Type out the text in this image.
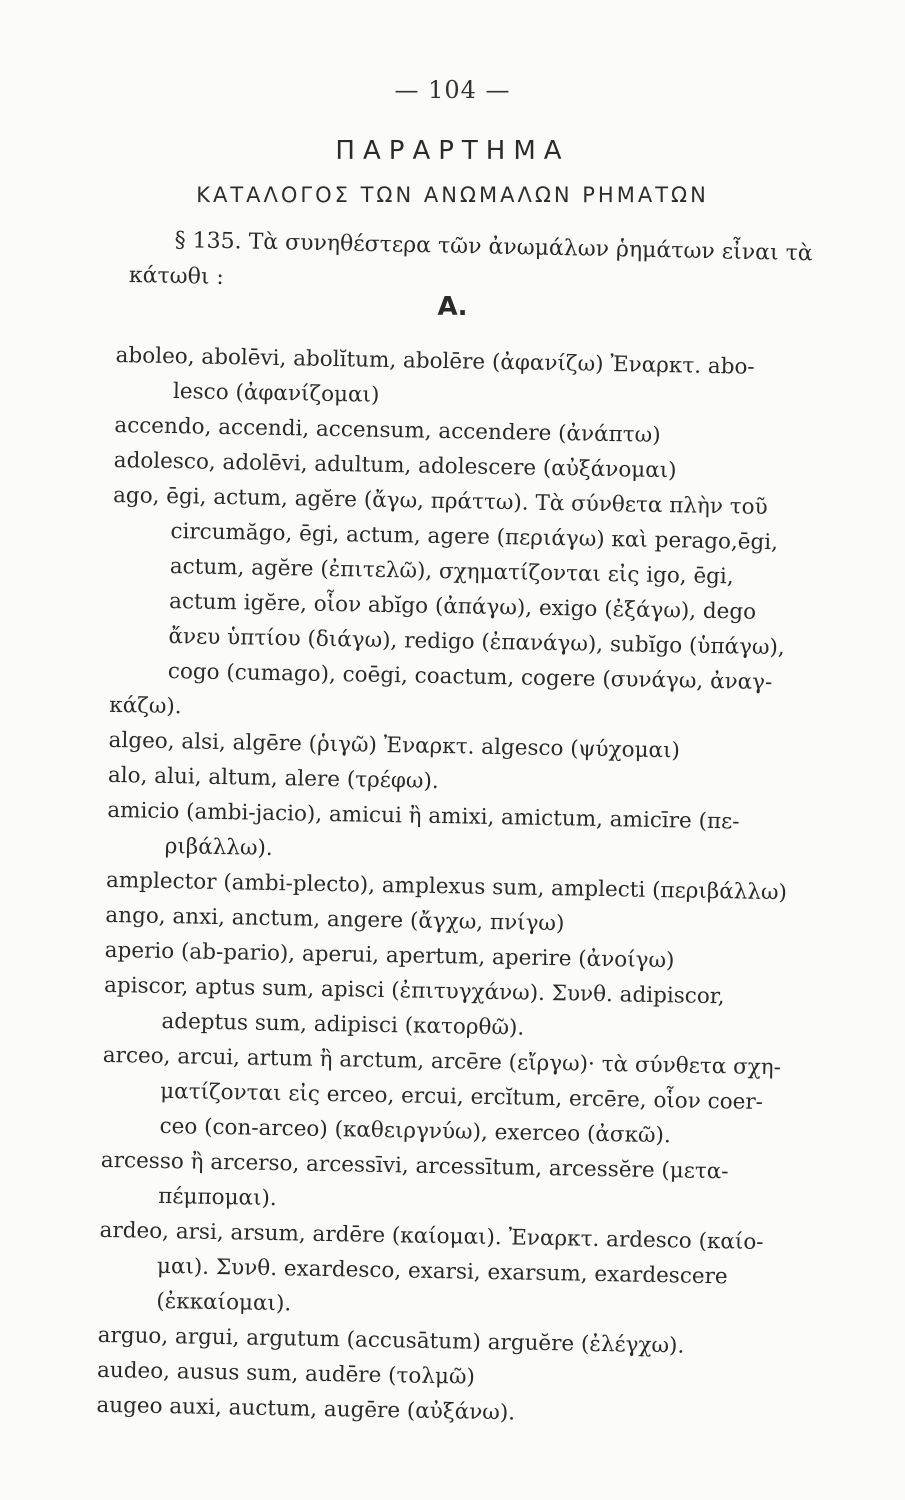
— 104 —
ΠΑΡΑΡΤΗΜΑ
ΚΑΤΑΛΟΓΟΣ ΤΩΝ ΑΝΩΜΑΛΩΝ ΡΗΜΑΤΩΝ
§ 135. Τὰ συνηθέστερα τῶν ἀνωμάλων ῥημάτων εἶναι τὰ
κάτωθι :
Α.
aboleo, abolēvi, abolĭtum, abolēre (ἀφανίζω) Ἐναρκτ. abo-
lesco (ἀφανίζομαι)
accendo, accendi, accensum, accendere (ἀνάπτω)
adolesco, adolēvi, adultum, adolescere (αὐξάνομαι)
ago, ēgi, actum, agĕre (ἄγω, πράττω). Τὰ σύνθετα πλὴν τοῦ
circumăgo, ēgi, actum, agere (περιάγω) καὶ perago,ēgi,
actum, agĕre (ἐπιτελῶ), σχηματίζονται εἰς igo, ēgi,
actum igĕre, οἷον abĭgo (ἀπάγω), exigo (ἐξάγω), dego
ἄνευ ὑπτίου (διάγω), redigo (ἐπανάγω), subĭgo (ὑπάγω),
cogo (cumago), coēgi, coactum, cogere (συνάγω, ἀναγ-
κάζω).
algeo, alsi, algēre (ῥιγῶ) Ἐναρκτ. algesco (ψύχομαι)
alo, alui, altum, alere (τρέφω).
amicio (ambi-jacio), amicui ἢ amixi, amictum, amicīre (πε-
ριβάλλω).
amplector (ambi-plecto), amplexus sum, amplecti (περιβάλλω)
ango, anxi, anctum, angere (ἄγχω, πνίγω)
aperio (ab-pario), aperui, apertum, aperire (ἀνοίγω)
apiscor, aptus sum, apisci (ἐπιτυγχάνω). Συνθ. adipiscor,
adeptus sum, adipisci (κατορθῶ).
arceo, arcui, artum ἢ arctum, arcēre (εἴργω)· τὰ σύνθετα σχη-
ματίζονται εἰς erceo, ercui, ercĭtum, ercēre, οἷον coer-
ceo (con-arceo) (καθειργνύω), exerceo (ἀσκῶ).
arcesso ἢ arcerso, arcessīvi, arcessītum, arcessĕre (μετα-
πέμπομαι).
ardeo, arsi, arsum, ardēre (καίομαι). Ἐναρκτ. ardesco (καίο-
μαι). Συνθ. exardesco, exarsi, exarsum, exardescere
(ἐκκαίομαι).
arguo, argui, argutum (accusātum) arguĕre (ἐλέγχω).
audeo, ausus sum, audēre (τολμῶ)
augeo auxi, auctum, augēre (αὐξάνω).
